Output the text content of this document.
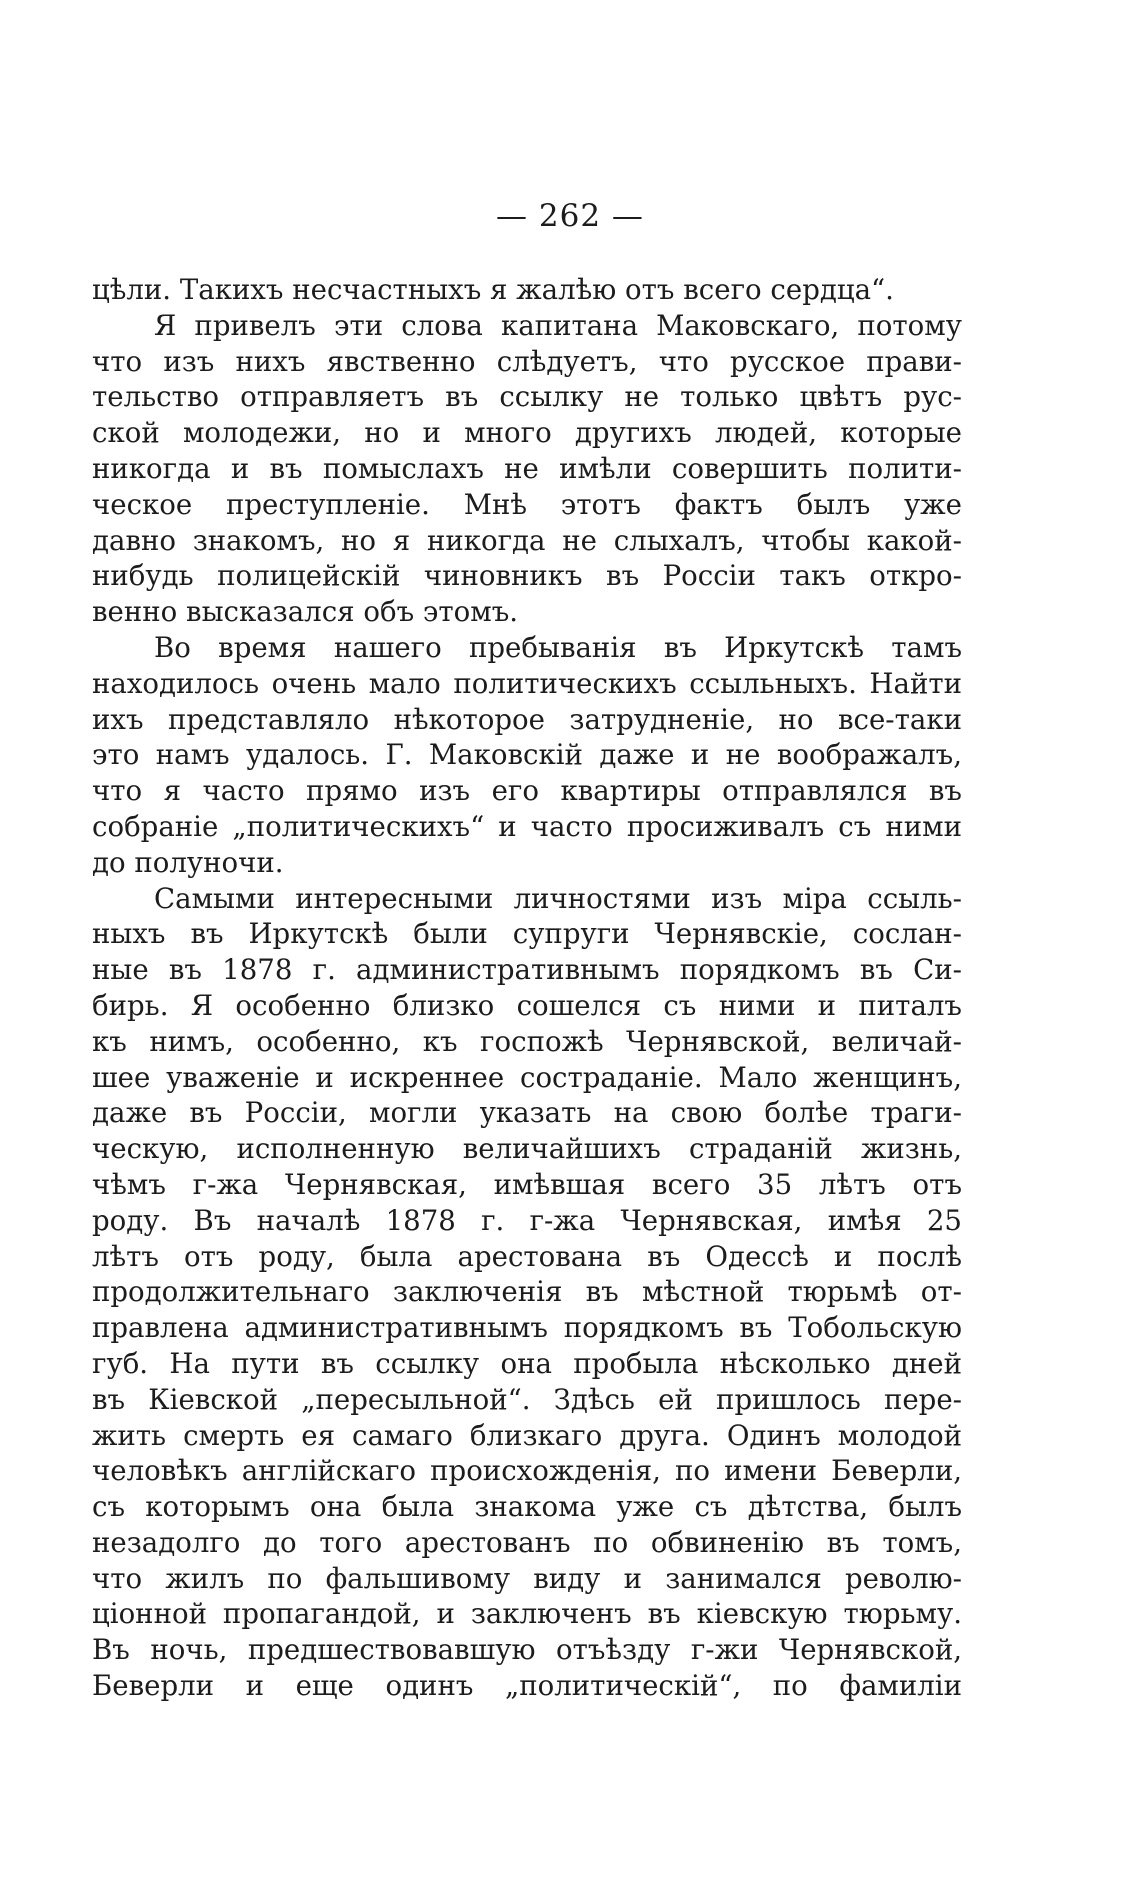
— 262 —
цѣли. Такихъ несчастныхъ я жалѣю отъ всего сердца“.
Я привелъ эти слова капитана Маковскаго, потому
что изъ нихъ явственно слѣдуетъ, что русское прави-
тельство отправляетъ въ ссылку не только цвѣтъ рус-
ской молодежи, но и много другихъ людей, которые
никогда и въ помыслахъ не имѣли совершить полити-
ческое преступленіе. Мнѣ этотъ фактъ былъ уже
давно знакомъ, но я никогда не слыхалъ, чтобы какой-
нибудь полицейскій чиновникъ въ Россіи такъ откро-
венно высказался объ этомъ.
Во время нашего пребыванія въ Иркутскѣ тамъ
находилось очень мало политическихъ ссыльныхъ. Найти
ихъ представляло нѣкоторое затрудненіе, но все-таки
это намъ удалось. Г. Маковскій даже и не воображалъ,
что я часто прямо изъ его квартиры отправлялся въ
собраніе „политическихъ“ и часто просиживалъ съ ними
до полуночи.
Самыми интересными личностями изъ міра ссыль-
ныхъ въ Иркутскѣ были супруги Чернявскіе, сослан-
ные въ 1878 г. административнымъ порядкомъ въ Си-
бирь. Я особенно близко сошелся съ ними и питалъ
къ нимъ, особенно, къ госпожѣ Чернявской, величай-
шее уваженіе и искреннее состраданіе. Мало женщинъ,
даже въ Россіи, могли указать на свою болѣе траги-
ческую, исполненную величайшихъ страданій жизнь,
чѣмъ г-жа Чернявская, имѣвшая всего 35 лѣтъ отъ
роду. Въ началѣ 1878 г. г-жа Чернявская, имѣя 25
лѣтъ отъ роду, была арестована въ Одессѣ и послѣ
продолжительнаго заключенія въ мѣстной тюрьмѣ от-
правлена административнымъ порядкомъ въ Тобольскую
губ. На пути въ ссылку она пробыла нѣсколько дней
въ Кіевской „пересыльной“. Здѣсь ей пришлось пере-
жить смерть ея самаго близкаго друга. Одинъ молодой
человѣкъ англійскаго происхожденія, по имени Беверли,
съ которымъ она была знакома уже съ дѣтства, былъ
незадолго до того арестованъ по обвиненію въ томъ,
что жилъ по фальшивому виду и занимался револю-
ціонной пропагандой, и заключенъ въ кіевскую тюрьму.
Въ ночь, предшествовавшую отъѣзду г-жи Чернявской,
Беверли и еще одинъ „политическій“, по фамиліи
